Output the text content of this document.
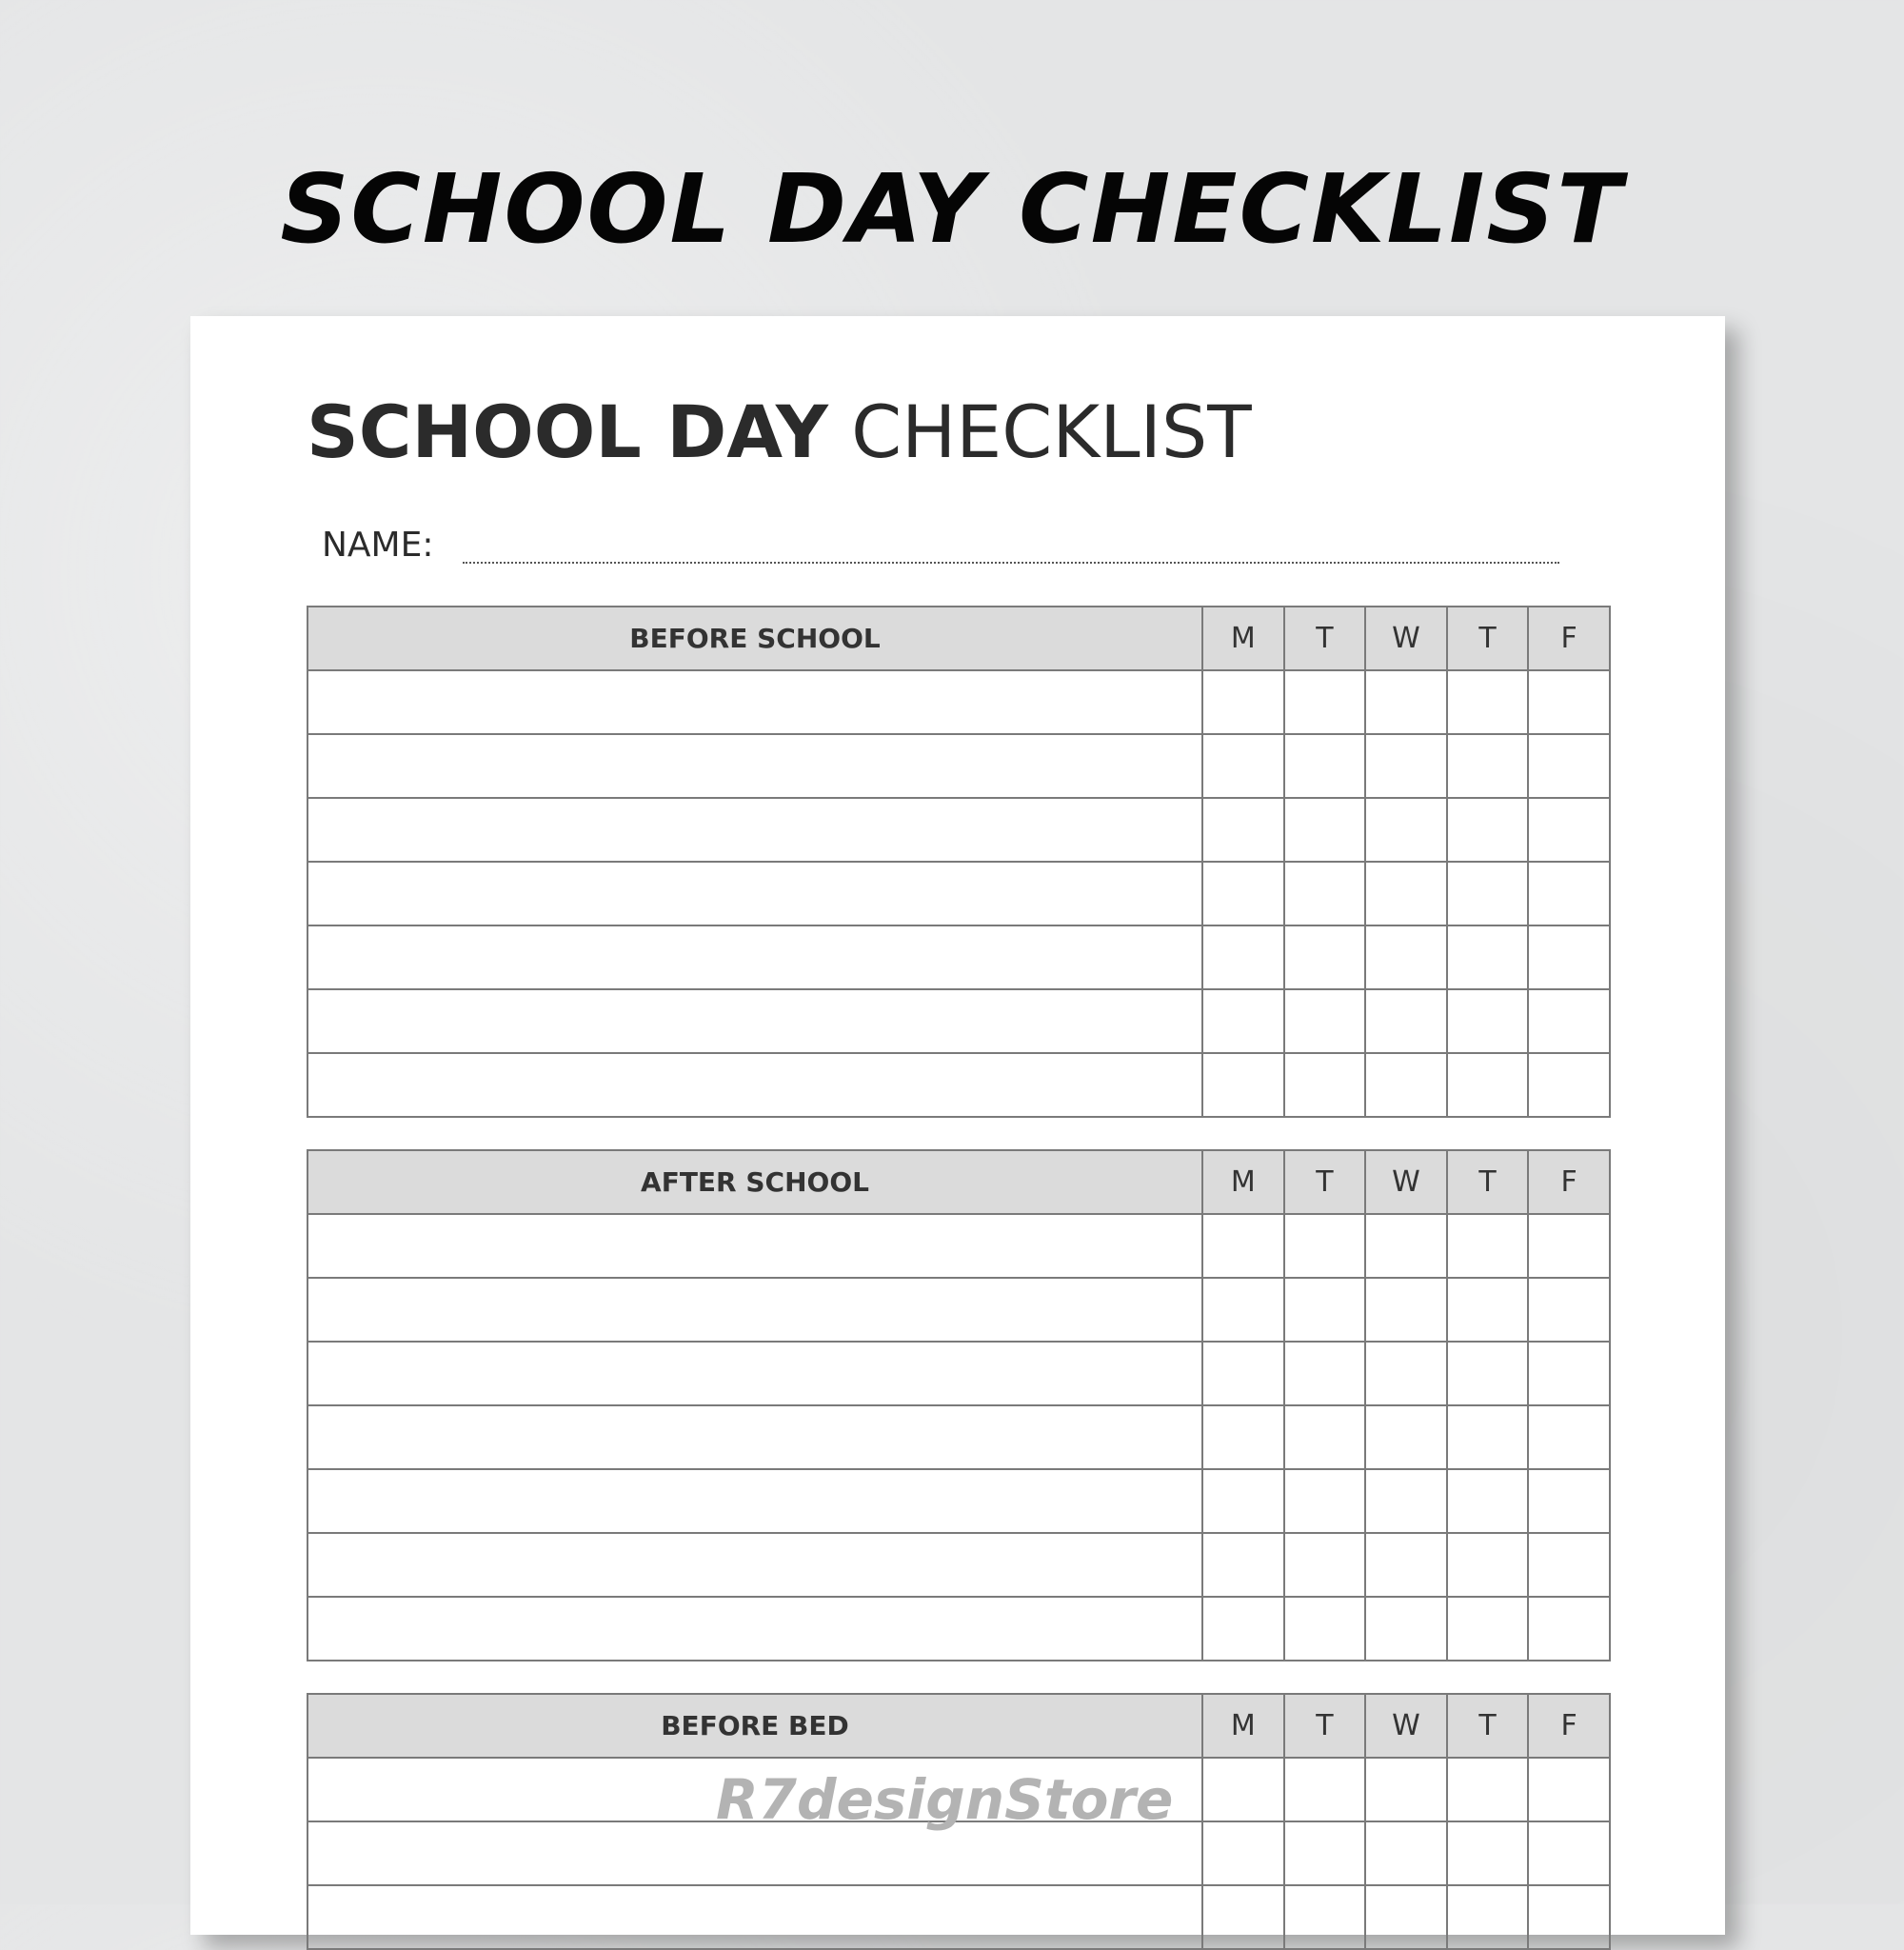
SCHOOL DAY CHECKLIST
SCHOOL DAY CHECKLIST
NAME:
BEFORE SCHOOL	M	T	W	T	F

AFTER SCHOOL	M	T	W	T	F

BEFORE BED	M	T	W	T	F

R7designStore
